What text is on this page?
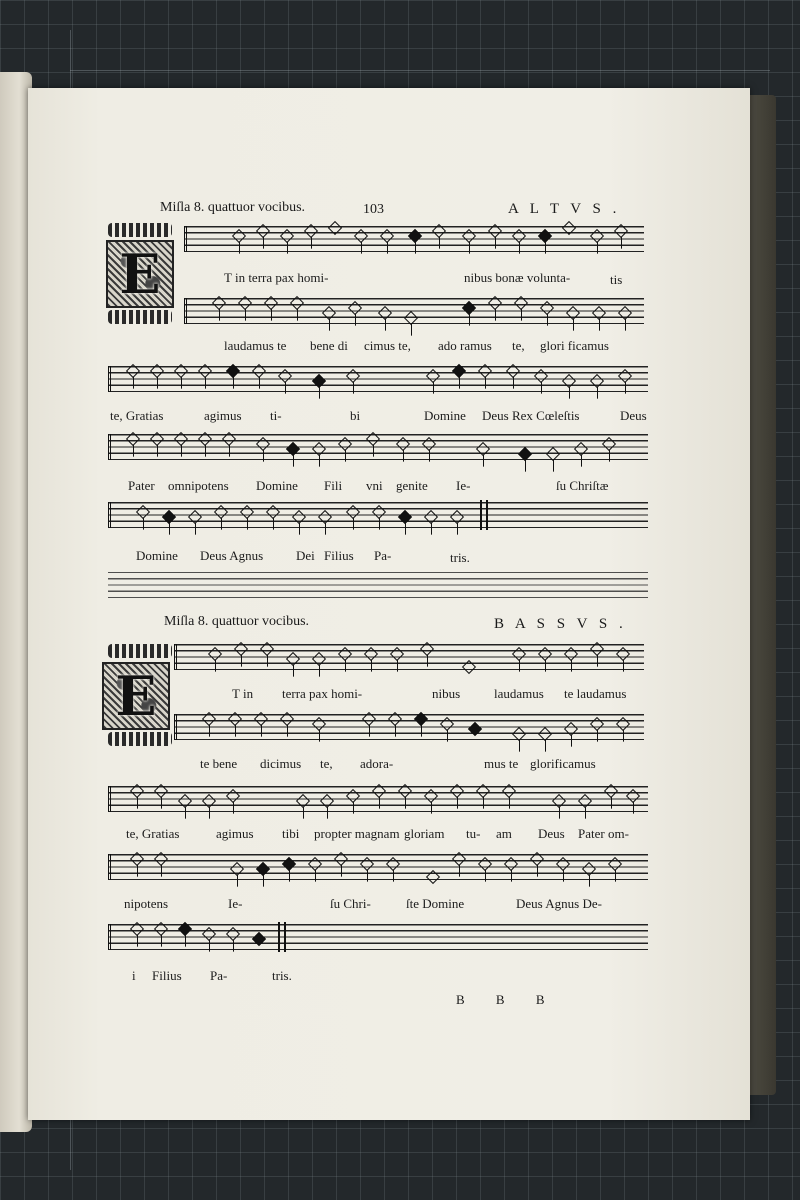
Miſla 8. quattuor vocibus.	103	A L T V S .
E	T in terra pax homi-	nibus bonæ volunta-	tis
laudamus te bene di cimus te, ado ramus te, glori ficamus
te, Gratias	agimus ti-	bi	Domine Deus Rex Cœleſtis	Deus
Pater omnipotens Domine Fili vni genite Ie-	ſu Chriſtæ
Domine Deus Agnus	Dei Filius Pa-	tris.
Miſla 8. quattuor vocibus.	B A S S V S .
E	T in terra pax homi-	nibus	laudamus te laudamus
te bene dicimus te, adora-	mus te glorificamus
te, Gratias	agimus tibi propter magnam gloriam tu- am Deus Pater om-
nipotens	Ie-	ſu Chri-	ſte Domine	Deus Agnus De-
i Filius Pa-	tris.
B B B
